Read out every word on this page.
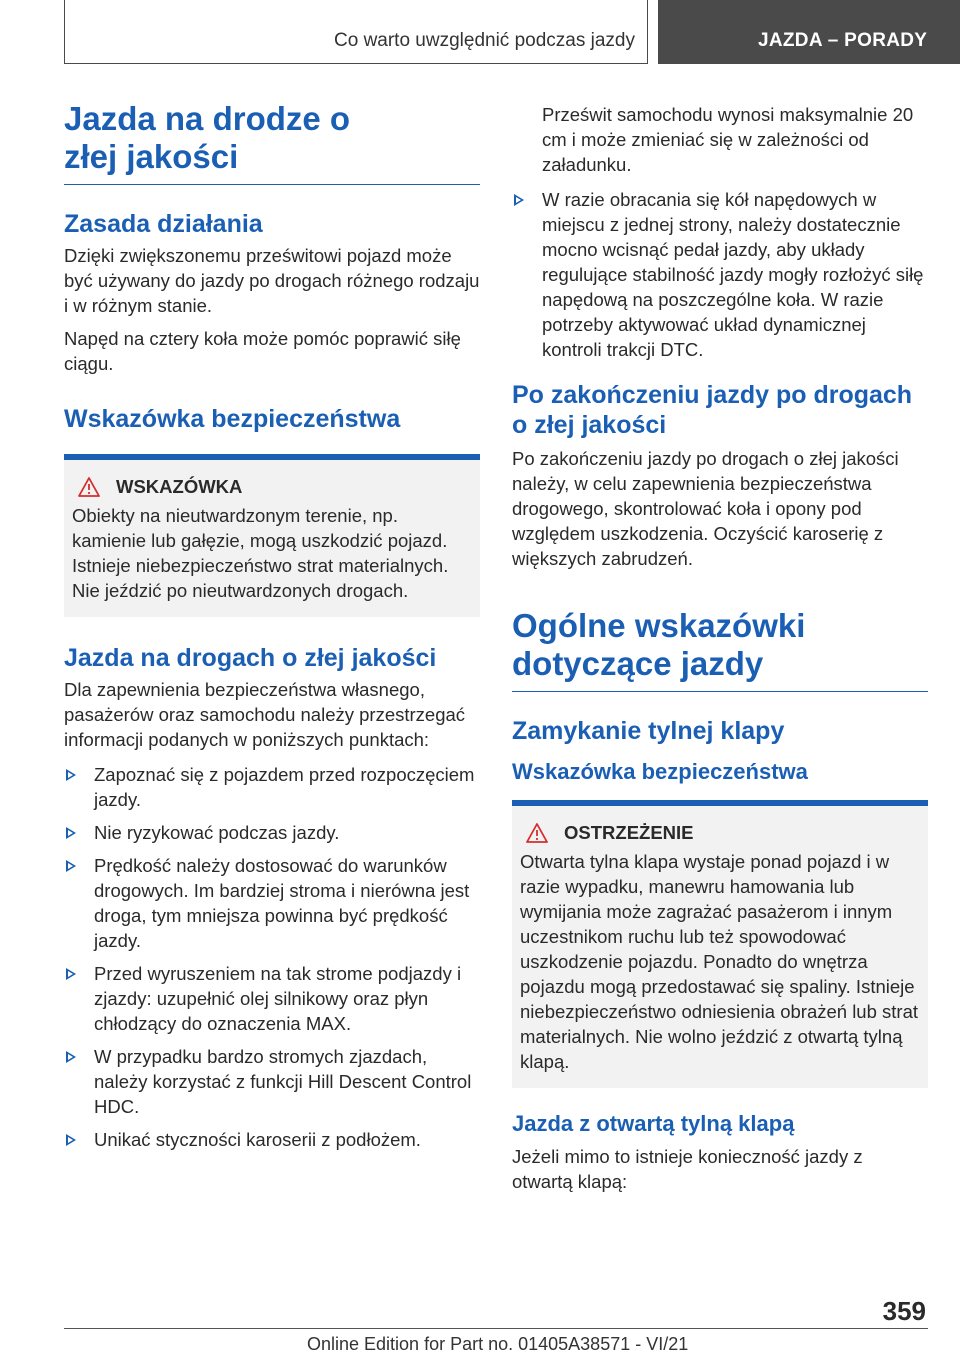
Co warto uwzględnić podczas jazdy	JAZDA – PORADY
Jazda na drodze o złej jakości
Zasada działania

Dzięki zwiększonemu prześwitowi pojazd może być używany do jazdy po drogach różnego rodzaju i w różnym stanie.

Napęd na cztery koła może pomóc poprawić siłę ciągu.

Wskazówka bezpieczeństwa
WSKAZÓWKA

Obiekty na nieutwardzonym terenie, np. kamienie lub gałęzie, mogą uszkodzić pojazd. Istnieje niebezpieczeństwo strat materialnych. Nie jeździć po nieutwardzonych drogach.

Jazda na drogach o złej jakości

Dla zapewnienia bezpieczeństwa własnego, pasażerów oraz samochodu należy przestrzegać informacji podanych w poniższych punktach:

Zapoznać się z pojazdem przed rozpoczęciem jazdy.
Nie ryzykować podczas jazdy.
Prędkość należy dostosować do warunków drogowych. Im bardziej stroma i nierówna jest droga, tym mniejsza powinna być prędkość jazdy.
Przed wyruszeniem na tak strome podjazdy i zjazdy: uzupełnić olej silnikowy oraz płyn chłodzący do oznaczenia MAX.
W przypadku bardzo stromych zjazdach, należy korzystać z funkcji Hill Descent Control HDC.
Unikać styczności karoserii z podłożem.

Prześwit samochodu wynosi maksymalnie 20 cm i może zmieniać się w zależności od załadunku.

W razie obracania się kół napędowych w miejscu z jednej strony, należy dostatecznie mocno wcisnąć pedał jazdy, aby układy regulujące stabilność jazdy mogły rozłożyć siłę napędową na poszczególne koła. W razie potrzeby aktywować układ dynamicznej kontroli trakcji DTC.
Po zakończeniu jazdy po drogach o złej jakości

Po zakończeniu jazdy po drogach o złej jakości należy, w celu zapewnienia bezpieczeństwa drogowego, skontrolować koła i opony pod względem uszkodzenia. Oczyścić karoserię z większych zabrudzeń.

Ogólne wskazówki dotyczące jazdy
Zamykanie tylnej klapy
Wskazówka bezpieczeństwa
OSTRZEŻENIE

Otwarta tylna klapa wystaje ponad pojazd i w razie wypadku, manewru hamowania lub wymijania może zagrażać pasażerom i innym uczestnikom ruchu lub też spowodować uszkodzenie pojazdu. Ponadto do wnętrza pojazdu mogą przedostawać się spaliny. Istnieje niebezpieczeństwo odniesienia obrażeń lub strat materialnych. Nie wolno jeździć z otwartą tylną klapą.

Jazda z otwartą tylną klapą

Jeżeli mimo to istnieje konieczność jazdy z otwartą klapą:

359
Online Edition for Part no. 01405A38571 - VI/21
